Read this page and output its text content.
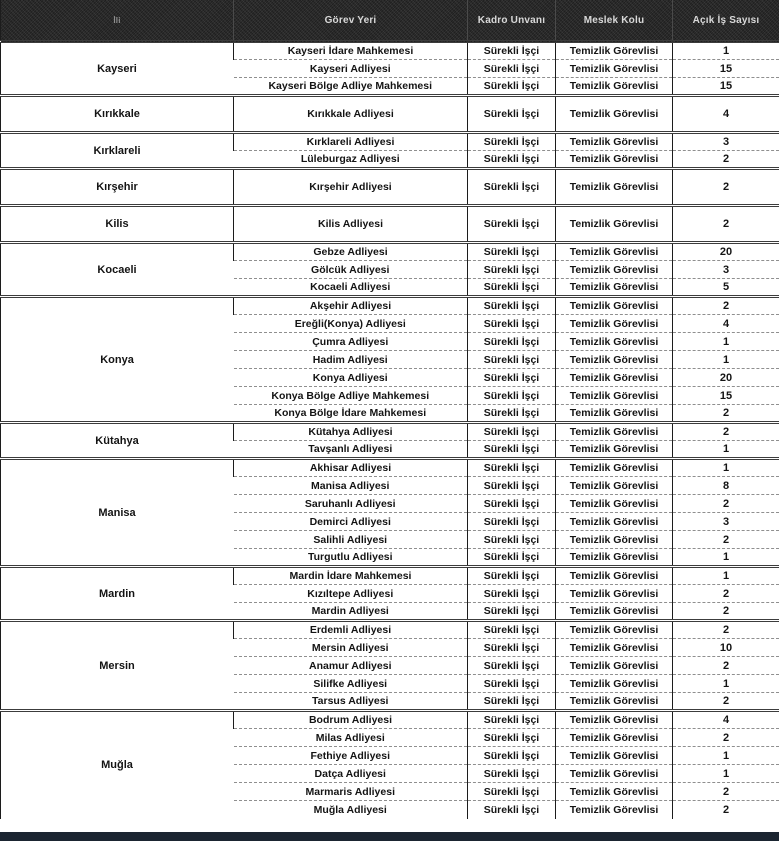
İli	Görev Yeri	Kadro Unvanı	Meslek Kolu	Açık İş Sayısı
Kayseri	Kayseri İdare Mahkemesi	Sürekli İşçi	Temizlik Görevlisi	1
	Kayseri Adliyesi	Sürekli İşçi	Temizlik Görevlisi	15
	Kayseri Bölge Adliye Mahkemesi	Sürekli İşçi	Temizlik Görevlisi	15
Kırıkkale	Kırıkkale Adliyesi	Sürekli İşçi	Temizlik Görevlisi	4
Kırklareli	Kırklareli Adliyesi	Sürekli İşçi	Temizlik Görevlisi	3
	Lüleburgaz Adliyesi	Sürekli İşçi	Temizlik Görevlisi	2
Kırşehir	Kırşehir Adliyesi	Sürekli İşçi	Temizlik Görevlisi	2
Kilis	Kilis Adliyesi	Sürekli İşçi	Temizlik Görevlisi	2
Kocaeli	Gebze Adliyesi	Sürekli İşçi	Temizlik Görevlisi	20
	Gölcük Adliyesi	Sürekli İşçi	Temizlik Görevlisi	3
	Kocaeli Adliyesi	Sürekli İşçi	Temizlik Görevlisi	5
Konya	Akşehir Adliyesi	Sürekli İşçi	Temizlik Görevlisi	2
	Ereğli(Konya) Adliyesi	Sürekli İşçi	Temizlik Görevlisi	4
	Çumra Adliyesi	Sürekli İşçi	Temizlik Görevlisi	1
	Hadim Adliyesi	Sürekli İşçi	Temizlik Görevlisi	1
	Konya Adliyesi	Sürekli İşçi	Temizlik Görevlisi	20
	Konya Bölge Adliye Mahkemesi	Sürekli İşçi	Temizlik Görevlisi	15
	Konya Bölge İdare Mahkemesi	Sürekli İşçi	Temizlik Görevlisi	2
Kütahya	Kütahya Adliyesi	Sürekli İşçi	Temizlik Görevlisi	2
	Tavşanlı Adliyesi	Sürekli İşçi	Temizlik Görevlisi	1
Manisa	Akhisar Adliyesi	Sürekli İşçi	Temizlik Görevlisi	1
	Manisa Adliyesi	Sürekli İşçi	Temizlik Görevlisi	8
	Saruhanlı Adliyesi	Sürekli İşçi	Temizlik Görevlisi	2
	Demirci Adliyesi	Sürekli İşçi	Temizlik Görevlisi	3
	Salihli Adliyesi	Sürekli İşçi	Temizlik Görevlisi	2
	Turgutlu Adliyesi	Sürekli İşçi	Temizlik Görevlisi	1
Mardin	Mardin İdare Mahkemesi	Sürekli İşçi	Temizlik Görevlisi	1
	Kızıltepe Adliyesi	Sürekli İşçi	Temizlik Görevlisi	2
	Mardin Adliyesi	Sürekli İşçi	Temizlik Görevlisi	2
Mersin	Erdemli Adliyesi	Sürekli İşçi	Temizlik Görevlisi	2
	Mersin Adliyesi	Sürekli İşçi	Temizlik Görevlisi	10
	Anamur Adliyesi	Sürekli İşçi	Temizlik Görevlisi	2
	Silifke Adliyesi	Sürekli İşçi	Temizlik Görevlisi	1
	Tarsus Adliyesi	Sürekli İşçi	Temizlik Görevlisi	2
Muğla	Bodrum Adliyesi	Sürekli İşçi	Temizlik Görevlisi	4
	Milas Adliyesi	Sürekli İşçi	Temizlik Görevlisi	2
	Fethiye Adliyesi	Sürekli İşçi	Temizlik Görevlisi	1
	Datça Adliyesi	Sürekli İşçi	Temizlik Görevlisi	1
	Marmaris Adliyesi	Sürekli İşçi	Temizlik Görevlisi	2
	Muğla Adliyesi	Sürekli İşçi	Temizlik Görevlisi	2
